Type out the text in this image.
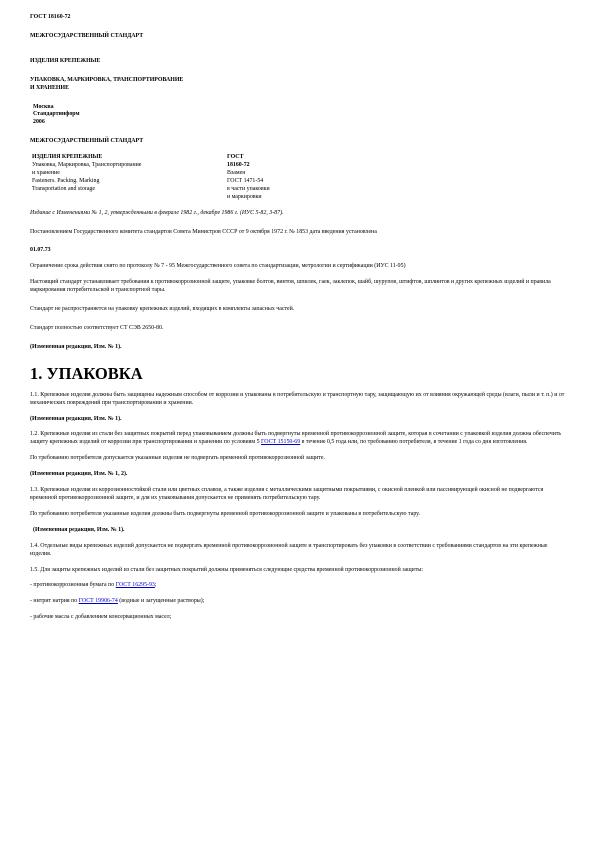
ГОСТ 18160-72

МЕЖГОСУДАРСТВЕННЫЙ СТАНДАРТ

ИЗДЕЛИЯ КРЕПЕЖНЫЕ

УПАКОВКА, МАРКИРОВКА, ТРАНСПОРТИРОВАНИЕ

И ХРАНЕНИЕ

Москва

Стандартинформ

2006

МЕЖГОСУДАРСТВЕННЫЙ СТАНДАРТ

ИЗДЕЛИЯ КРЕПЕЖНЫЕ	ГОСТ
Упаковка, Маркировка, Транспортирование	18160-72
и хранение	Взамен
Fasteners. Packing. Marking	ГОСТ 1471-54
Transportation and storage	в части упаковки
	и маркировки

Издание с Изменениями № 1, 2, утвержденными в феврале 1982 г., декабре 1986 г. (ИУС 5-82, 3-87).

Постановлением Государственного комитета стандартов Совета Министров СССР от 9 октября 1972 г. № 1853 дата введения установлена

01.07.73

Ограничение срока действия снято по протоколу № 7 - 95 Межгосударственного совета по стандартизации, метрологии и сертификации (ИУС 11-95)

Настоящий стандарт устанавливает требования к противокоррозионной защите, упаковке болтов, винтов, шпилек, гаек, заклепок, шайб, шурупов, штифтов, шплинтов и других крепежных изделий и правила маркирования потребительской и транспортной тары.

Стандарт не распространяется на упаковку крепежных изделий, входящих в комплекты запасных частей.

Стандарт полностью соответствует СТ СЭВ 2650-80.

(Измененная редакция, Изм. № 1).

1. УПАКОВКА

1.1. Крепежные изделия должны быть защищены надежным способом от коррозии и упакованы в потребительскую и транспортную тару, защищающую их от влияния окружающей среды (влаги, пыли и т. п.) и от механических повреждений при транспортировании и хранении.

(Измененная редакция, Изм. № 1).

1.2. Крепежные изделия из стали без защитных покрытий перед упаковыванием должны быть подвергнуты временной противокоррозионной защите, которая в сочетании с упаковкой изделия должна обеспечить защиту крепежных изделий от коррозии при транспортировании и хранении по условиям 5 ГОСТ 15150-69 в течение 0,5 года или, по требованию потребителя, в течение 1 года со дня изготовления.

По требованию потребителя допускается указанные изделия не подвергать временной противокоррозионной защите.

(Измененная редакция, Изм. № 1, 2).

1.3. Крепежные изделия из коррозионностойкой стали или цветных сплавов, а также изделия с металлическими защитными покрытиями, с окисной пленкой или пассивирующей окисной не подвергаются временной противокоррозионной защите, и для их упаковывания допускается не применять потребительскую тару.

По требованию потребителя указанные изделия должны быть подвергнуты временной противокоррозионной защите и упакованы в потребительскую тару.

(Измененная редакция, Изм. № 1).

1.4. Отдельные виды крепежных изделий допускается не подвергать временной противокоррозионной защите и транспортировать без упаковки в соответствии с требованиями стандартов на эти крепежные изделия.

1.5. Для защиты крепежных изделий из стали без защитных покрытий должны применяться следующие средства временной противокоррозионной защиты:

- противокоррозионная бумага по ГОСТ 16295-93;

- нитрит натрия по ГОСТ 19906-74 (водные и загущенные растворы);

- рабочие масла с добавлением консервационных масел;
